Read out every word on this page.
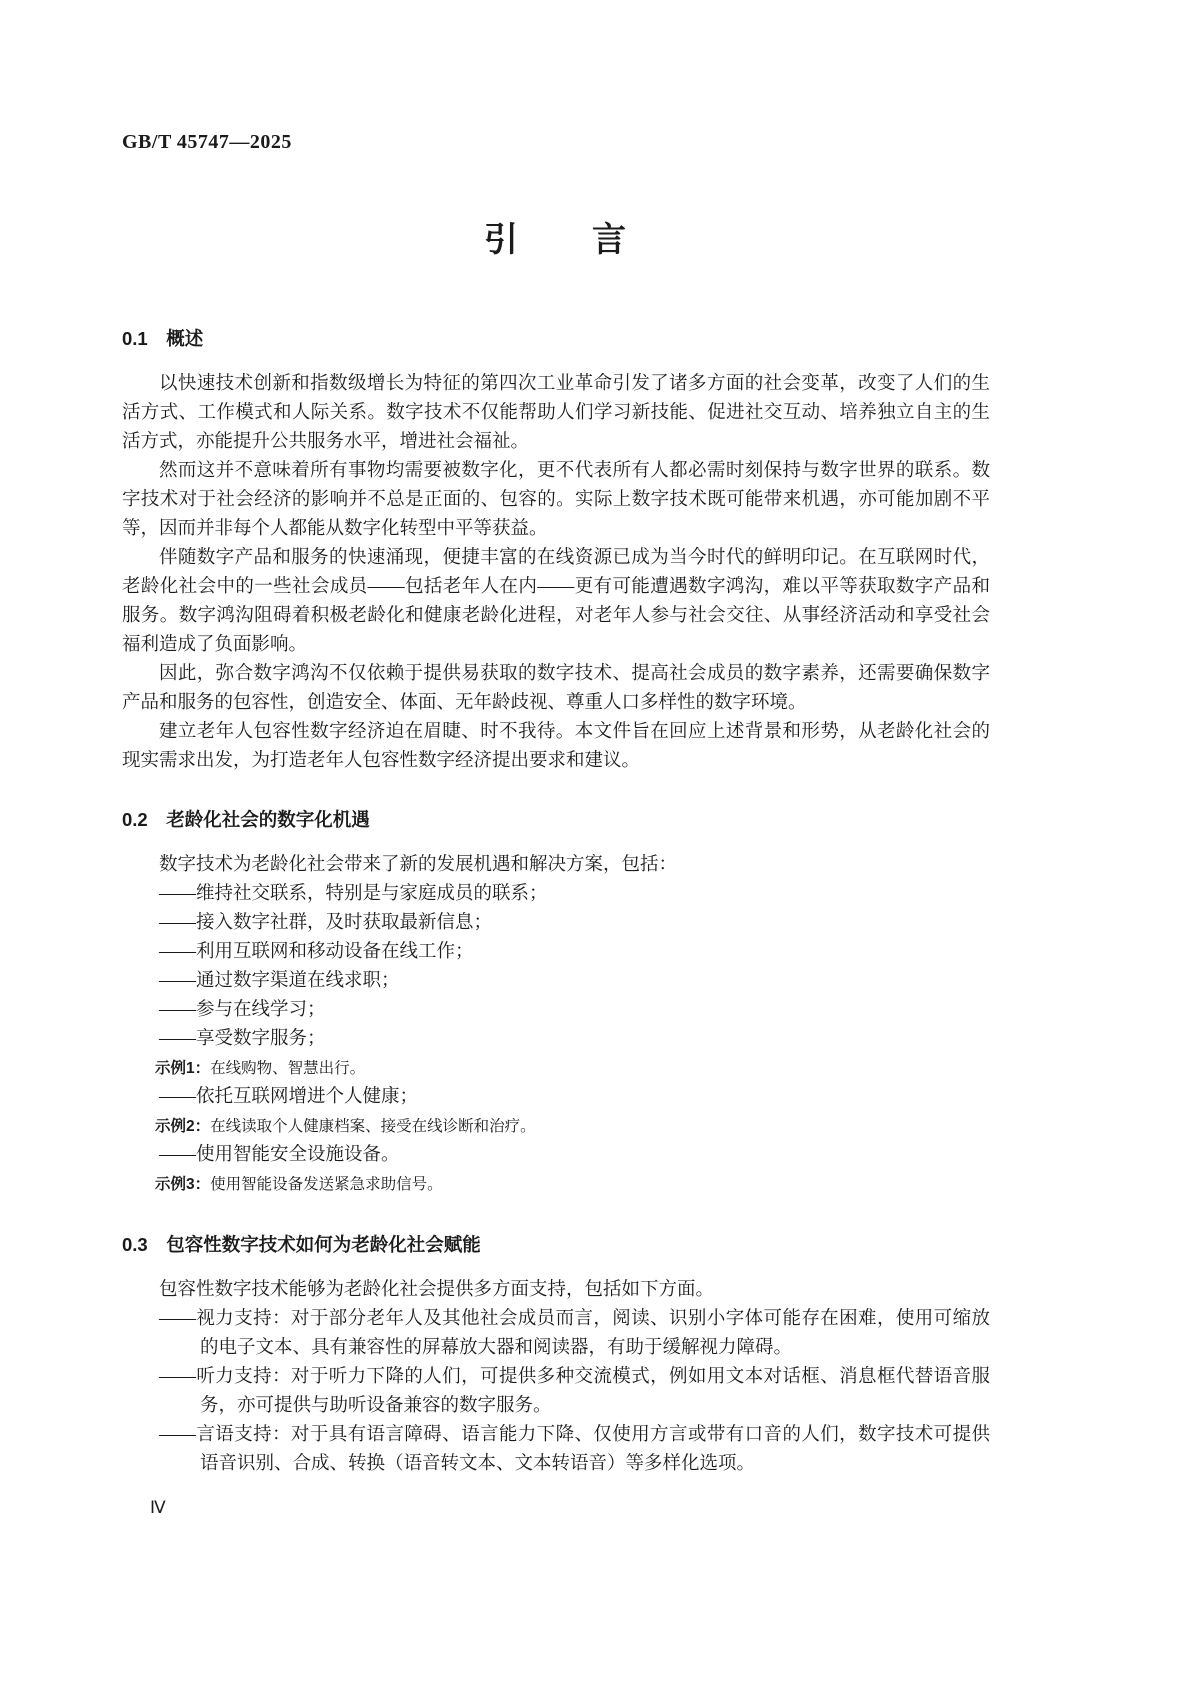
GB/T 45747—2025
引　　言
0.1　概述

以快速技术创新和指数级增长为特征的第四次工业革命引发了诸多方面的社会变革，改变了人们的生活方式、工作模式和人际关系。数字技术不仅能帮助人们学习新技能、促进社交互动、培养独立自主的生活方式，亦能提升公共服务水平，增进社会福祉。

然而这并不意味着所有事物均需要被数字化，更不代表所有人都必需时刻保持与数字世界的联系。数字技术对于社会经济的影响并不总是正面的、包容的。实际上数字技术既可能带来机遇，亦可能加剧不平等，因而并非每个人都能从数字化转型中平等获益。

伴随数字产品和服务的快速涌现，便捷丰富的在线资源已成为当今时代的鲜明印记。在互联网时代，老龄化社会中的一些社会成员——包括老年人在内——更有可能遭遇数字鸿沟，难以平等获取数字产品和服务。数字鸿沟阻碍着积极老龄化和健康老龄化进程，对老年人参与社会交往、从事经济活动和享受社会福利造成了负面影响。

因此，弥合数字鸿沟不仅依赖于提供易获取的数字技术、提高社会成员的数字素养，还需要确保数字产品和服务的包容性，创造安全、体面、无年龄歧视、尊重人口多样性的数字环境。

建立老年人包容性数字经济迫在眉睫、时不我待。本文件旨在回应上述背景和形势，从老龄化社会的现实需求出发，为打造老年人包容性数字经济提出要求和建议。

0.2　老龄化社会的数字化机遇

数字技术为老龄化社会带来了新的发展机遇和解决方案，包括：

——维持社交联系，特别是与家庭成员的联系；

——接入数字社群，及时获取最新信息；

——利用互联网和移动设备在线工作；

——通过数字渠道在线求职；

——参与在线学习；

——享受数字服务；

示例1：在线购物、智慧出行。

——依托互联网增进个人健康；

示例2：在线读取个人健康档案、接受在线诊断和治疗。

——使用智能安全设施设备。

示例3：使用智能设备发送紧急求助信号。

0.3　包容性数字技术如何为老龄化社会赋能

包容性数字技术能够为老龄化社会提供多方面支持，包括如下方面。

——视力支持：对于部分老年人及其他社会成员而言，阅读、识别小字体可能存在困难，使用可缩放的电子文本、具有兼容性的屏幕放大器和阅读器，有助于缓解视力障碍。

——听力支持：对于听力下降的人们，可提供多种交流模式，例如用文本对话框、消息框代替语音服务，亦可提供与助听设备兼容的数字服务。

——言语支持：对于具有语言障碍、语言能力下降、仅使用方言或带有口音的人们，数字技术可提供语音识别、合成、转换（语音转文本、文本转语音）等多样化选项。

Ⅳ
